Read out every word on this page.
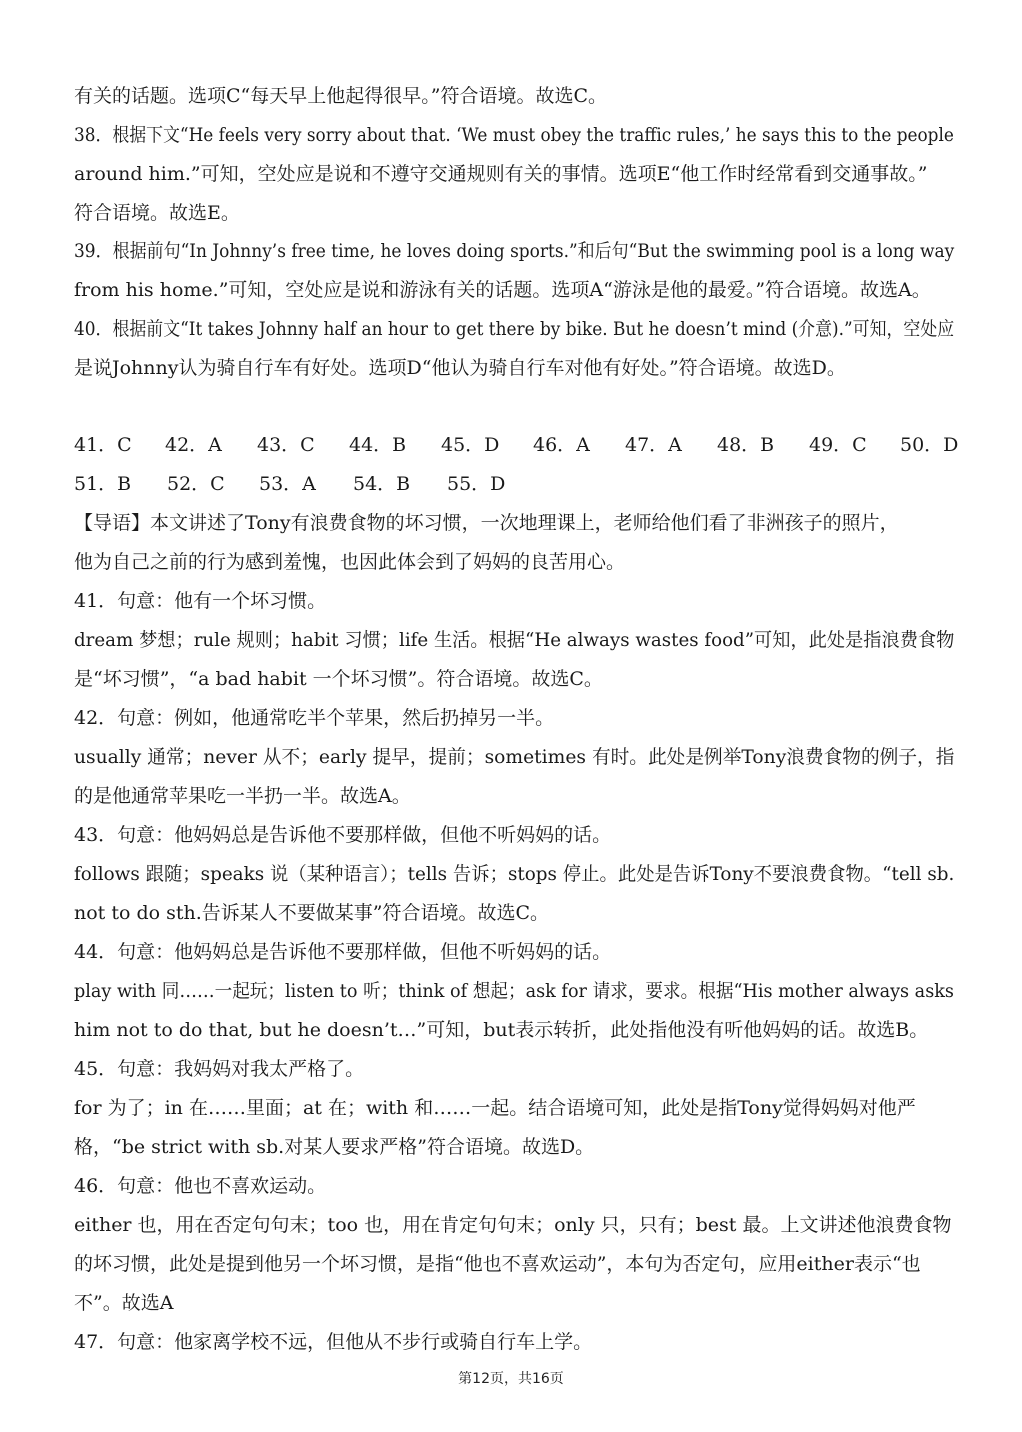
有关的话题。选项C“每天早上他起得很早。”符合语境。故选C。
38．根据下文“He feels very sorry about that. ‘We must obey the traffic rules,’ he says this to the people
around him.”可知，空处应是说和不遵守交通规则有关的事情。选项E“他工作时经常看到交通事故。”
符合语境。故选E。
39．根据前句“In Johnny’s free time, he loves doing sports.”和后句“But the swimming pool is a long way
from his home.”可知，空处应是说和游泳有关的话题。选项A“游泳是他的最爱。”符合语境。故选A。
40．根据前文“It takes Johnny half an hour to get there by bike. But he doesn’t mind (介意).”可知，空处应
是说Johnny认为骑自行车有好处。选项D“他认为骑自行车对他有好处。”符合语境。故选D。
41．C 42．A 43．C 44．B 45．D 46．A 47．A 48．B 49．C 50．D
51．B 52．C 53．A 54．B 55．D
【导语】本文讲述了Tony有浪费食物的坏习惯，一次地理课上，老师给他们看了非洲孩子的照片，
他为自己之前的行为感到羞愧，也因此体会到了妈妈的良苦用心。
41．句意：他有一个坏习惯。
dream 梦想；rule 规则；habit 习惯；life 生活。根据“He always wastes food”可知，此处是指浪费食物
是“坏习惯”，“a bad habit 一个坏习惯”。符合语境。故选C。
42．句意：例如，他通常吃半个苹果，然后扔掉另一半。
usually 通常；never 从不；early 提早，提前；sometimes 有时。此处是例举Tony浪费食物的例子，指
的是他通常苹果吃一半扔一半。故选A。
43．句意：他妈妈总是告诉他不要那样做，但他不听妈妈的话。
follows 跟随；speaks 说（某种语言）；tells 告诉；stops 停止。此处是告诉Tony不要浪费食物。“tell sb.
not to do sth.告诉某人不要做某事”符合语境。故选C。
44．句意：他妈妈总是告诉他不要那样做，但他不听妈妈的话。
play with 同……一起玩；listen to 听；think of 想起；ask for 请求，要求。根据“His mother always asks
him not to do that, but he doesn’t…”可知，but表示转折，此处指他没有听他妈妈的话。故选B。
45．句意：我妈妈对我太严格了。
for 为了；in 在……里面；at 在；with 和……一起。结合语境可知，此处是指Tony觉得妈妈对他严
格，“be strict with sb.对某人要求严格”符合语境。故选D。
46．句意：他也不喜欢运动。
either 也，用在否定句句末；too 也，用在肯定句句末；only 只，只有；best 最。上文讲述他浪费食物
的坏习惯，此处是提到他另一个坏习惯，是指“他也不喜欢运动”，本句为否定句，应用either表示“也
不”。故选A
47．句意：他家离学校不远，但他从不步行或骑自行车上学。
第12页，共16页
